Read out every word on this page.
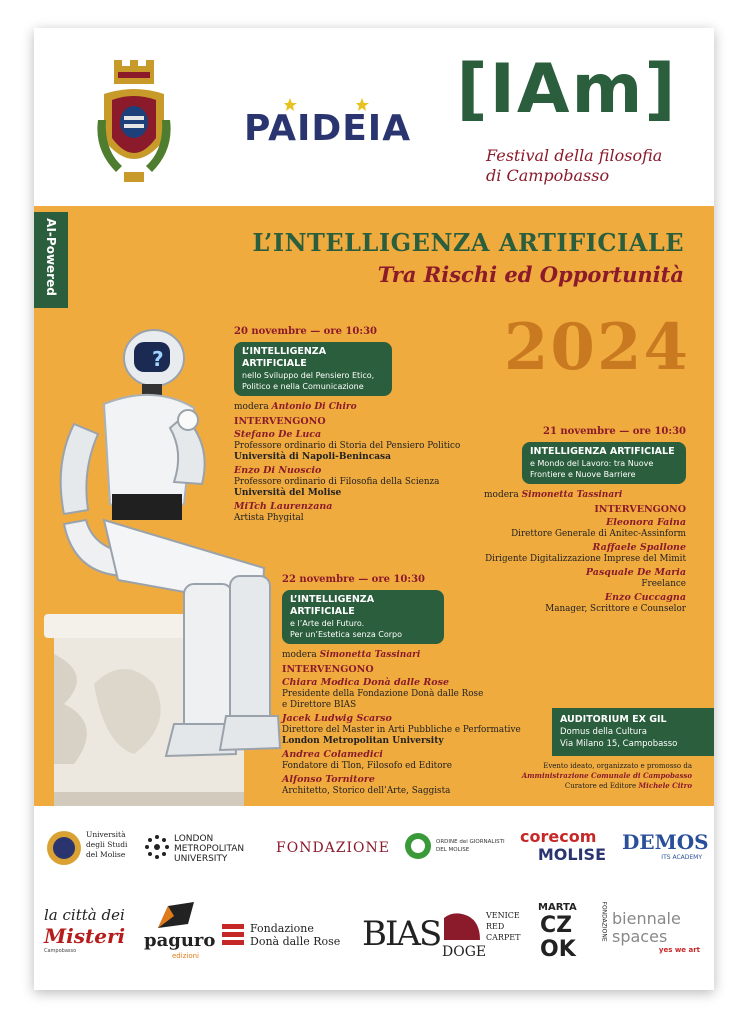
PAIDEIA [IAm]
Festival della filosofia
di Campobasso
AI-Powered	L’INTELLIGENZA ARTIFICIALE
Tra Rischi ed Opportunità
2024
?
20 novembre — ore 10:30
L’INTELLIGENZA ARTIFICIALE
nello Sviluppo del Pensiero Etico,
Politico e nella Comunicazione
modera Antonio Di Chiro
INTERVENGONO
Stefano De Luca
Professore ordinario di Storia del Pensiero Politico
Università di Napoli-Benincasa
Enzo Di Nuoscio
Professore ordinario di Filosofia della Scienza
Università del Molise
MiTch Laurenzana
Artista Phygital
21 novembre — ore 10:30
INTELLIGENZA ARTIFICIALE
e Mondo del Lavoro: tra Nuove
Frontiere e Nuove Barriere
modera Simonetta Tassinari
INTERVENGONO
Eleonora Faina
Direttore Generale di Anitec-Assinform
Raffaele Spallone
Dirigente Digitalizzazione Imprese del Mimit
Pasquale De Maria
Freelance
Enzo Cuccagna
Manager, Scrittore e Counselor
22 novembre — ore 10:30
L’INTELLIGENZA ARTIFICIALE
e l’Arte del Futuro.
Per un’Estetica senza Corpo
modera Simonetta Tassinari
INTERVENGONO
Chiara Modica Donà dalle Rose
Presidente della Fondazione Donà dalle Rose
e Direttore BIAS
Jacek Ludwig Scarso
Direttore del Master in Arti Pubbliche e Performative
London Metropolitan University
Andrea Colamedici
Fondatore di Tlon, Filosofo ed Editore
Alfonso Tornitore
Architetto, Storico dell’Arte, Saggista
AUDITORIUM EX GIL
Domus della Cultura
Via Milano 15, Campobasso
Evento ideato, organizzato e promosso da
Amministrazione Comunale di Campobasso
Curatore ed Editore Michele Citro
Università
degli Studi
del Molise
LONDON
METROPOLITAN
UNIVERSITY
FONDAZIONE	ORDINE dei GIORNALISTI
DEL MOLISE
corecom
MOLISE
DEMOS
ITS ACADEMY
la città dei
Misteri
Campobasso	paguro
edizioni
Fondazione
Donà dalle Rose BIAS DOGE
VENICE
RED
CARPET
MARTA
CZ
OK
FONDAZIONE biennale
spaces
yes we art
